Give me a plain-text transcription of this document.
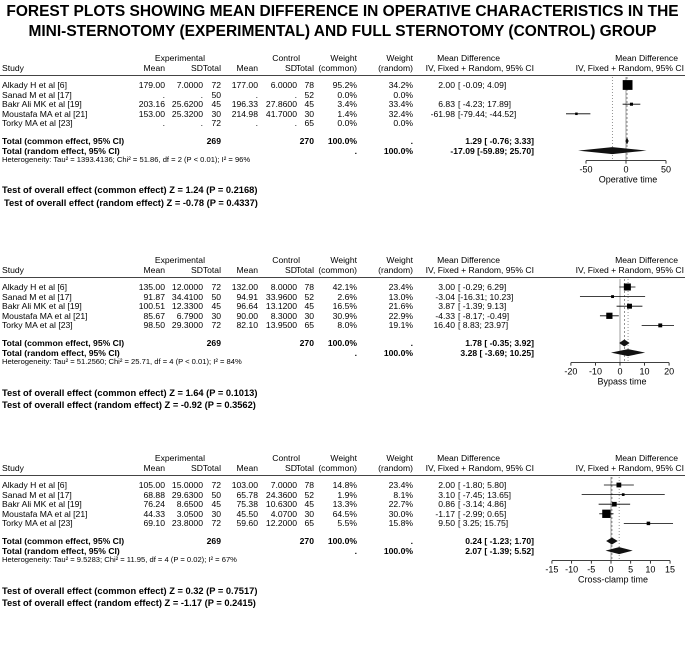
FOREST PLOTS SHOWING MEAN DIFFERENCE IN OPERATIVE CHARACTERISTICS IN THE
MINI-STERNOTOMY (EXPERIMENTAL) AND FULL STERNOTOMY (CONTROL) GROUP
Experimental	Control	Weight	Weight	Mean Difference	Mean Difference
Study	Mean	SD Total	Mean	SD
Total (common)	(random)	IV, Fixed + Random, 95% CI	IV, Fixed + Random, 95% CI
Alkady H et al [6]	179.00	7.0000 72	177.00	6.0000 78	95.2%	34.2%	2.00 [ -0.09; 4.09]
Sanad M et al [17]	.	. 50	.	. 52	0.0%	0.0%
Bakr Ali MK et al [19]	203.16 25.6200 45	196.33 27.8600 45	3.4%	33.4%	6.83 [ -4.23; 17.89]
Moustafa MA et al [21]	153.00 25.3200 30	214.98 41.7000 30	1.4%	32.4%	-61.98 [-79.44; -44.52]
Torky MA et al [23]	.	. 72	.	. 65	0.0%	0.0%
Total (common effect, 95% CI)	269	270	100.0%	.	1.29 [ -0.76; 3.33]
Total (random effect, 95% CI)	.	100.0%	-17.09 [-59.89; 25.70]
Heterogeneity: Tau² = 1393.4136; Chi² = 51.86, df = 2 (P < 0.01); I² = 96%
Test of overall effect (common effect) Z = 1.24 (P = 0.2168)
Test of overall effect (random effect) Z = -0.78 (P = 0.4337)
Experimental	Control	Weight	Weight	Mean Difference	Mean Difference
Study	Mean	SD Total	Mean	SD
Total (common)	(random)	IV, Fixed + Random, 95% CI	IV, Fixed + Random, 95% CI
Alkady H et al [6]	135.00 12.0000 72	132.00	8.0000 78	42.1%	23.4%	3.00 [ -0.29; 6.29]
Sanad M et al [17]	91.87 34.4100 50	94.91 33.9600 52	2.6%	13.0%	-3.04 [-16.31; 10.23]
Bakr Ali MK et al [19]	100.51 12.3300 45	96.64 13.1200 45	16.5%	21.6%	3.87 [ -1.39; 9.13]
Moustafa MA et al [21]	85.67	6.7900 30	90.00	8.3000 30	30.9%	22.9%	-4.33 [ -8.17; -0.49]
Torky MA et al [23]	98.50 29.3000 72	82.10 13.9500 65	8.0%	19.1%	16.40 [ 8.83; 23.97]
Total (common effect, 95% CI)	269	270	100.0%	.	1.78 [ -0.35; 3.92]
Total (random effect, 95% CI)	.	100.0%	3.28 [ -3.69; 10.25]
Heterogeneity: Tau² = 51.2560; Chi² = 25.71, df = 4 (P < 0.01); I² = 84%
Test of overall effect (common effect) Z = 1.64 (P = 0.1013)
Test of overall effect (random effect) Z = -0.92 (P = 0.3562)
Experimental	Control	Weight	Weight	Mean Difference	Mean Difference
Study	Mean	SD Total	Mean	SD
Total (common)	(random)	IV, Fixed + Random, 95% CI	IV, Fixed + Random, 95% CI
Alkady H et al [6]	105.00 15.0000 72	103.00	7.0000 78	14.8%	23.4%	2.00 [ -1.80; 5.80]
Sanad M et al [17]	68.88 29.6300 50	65.78 24.3600 52	1.9%	8.1%	3.10 [ -7.45; 13.65]
Bakr Ali MK et al [19]	76.24	8.6500 45	75.38 10.6300 45	13.3%	22.7%	0.86 [ -3.14; 4.86]
Moustafa MA et al [21]	44.33	3.0500 30	45.50	4.0700 30	64.5%	30.0%	-1.17 [ -2.99; 0.65]
Torky MA et al [23]	69.10 23.8000 72	59.60 12.2000 65	5.5%	15.8%	9.50 [ 3.25; 15.75]
Total (common effect, 95% CI)	269	270	100.0%	.	0.24 [ -1.23; 1.70]
Total (random effect, 95% CI)	.	100.0%	2.07 [ -1.39; 5.52]
Heterogeneity: Tau² = 9.5283; Chi² = 11.95, df = 4 (P = 0.02); I² = 67%
Test of overall effect (common effect) Z = 0.32 (P = 0.7517)
Test of overall effect (random effect) Z = -1.17 (P = 0.2415)
-50	0	50
Operative time
-20 -10 0 10 20
Bypass time
-15 -10 -5 0 5 10 15
Cross-clamp time
